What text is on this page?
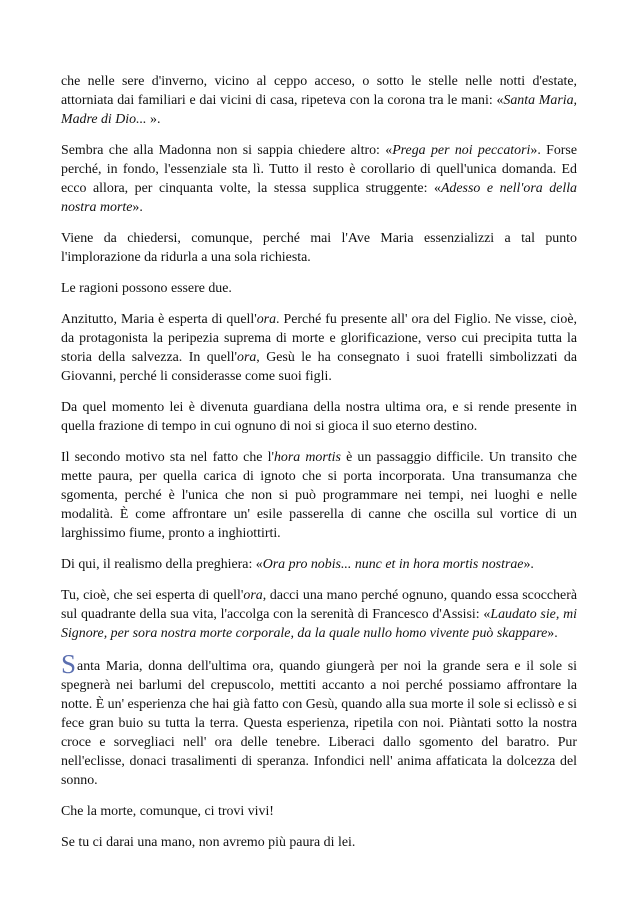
che nelle sere d'inverno, vicino al ceppo acceso, o sotto le stelle nelle notti d'estate, attorniata dai familiari e dai vicini di casa, ripeteva con la corona tra le mani: «Santa Maria, Madre di Dio... ».

Sembra che alla Madonna non si sappia chiedere altro: «Prega per noi peccatori». Forse perché, in fondo, l'essenziale sta lì. Tutto il resto è corollario di quell'unica domanda. Ed ecco allora, per cinquanta volte, la stessa supplica struggente: «Adesso e nell'ora della nostra morte».

Viene da chiedersi, comunque, perché mai l'Ave Maria essenzializzi a tal punto l'implorazione da ridurla a una sola richiesta.

Le ragioni possono essere due.

Anzitutto, Maria è esperta di quell'ora. Perché fu presente all' ora del Figlio. Ne visse, cioè, da protagonista la peripezia suprema di morte e glorificazione, verso cui precipita tutta la storia della salvezza. In quell'ora, Gesù le ha consegnato i suoi fratelli simbolizzati da Giovanni, perché li considerasse come suoi figli.

Da quel momento lei è divenuta guardiana della nostra ultima ora, e si rende presente in quella frazione di tempo in cui ognuno di noi si gioca il suo eterno destino.

Il secondo motivo sta nel fatto che l'hora mortis è un passaggio difficile. Un transito che mette paura, per quella carica di ignoto che si porta incorporata. Una transumanza che sgomenta, perché è l'unica che non si può programmare nei tempi, nei luoghi e nelle modalità. È come affrontare un' esile passerella di canne che oscilla sul vortice di un larghissimo fiume, pronto a inghiottirti.

Di qui, il realismo della preghiera: «Ora pro nobis... nunc et in hora mortis nostrae».

Tu, cioè, che sei esperta di quell'ora, dacci una mano perché ognuno, quando essa scoccherà sul quadrante della sua vita, l'accolga con la serenità di Francesco d'Assisi: «Laudato sie, mi Signore, per sora nostra morte corporale, da la quale nullo homo vivente può skappare».

Santa Maria, donna dell'ultima ora, quando giungerà per noi la grande sera e il sole si spegnerà nei barlumi del crepuscolo, mettiti accanto a noi perché possiamo affrontare la notte. È un' esperienza che hai già fatto con Gesù, quando alla sua morte il sole si eclissò e si fece gran buio su tutta la terra. Questa esperienza, ripetila con noi. Piàntati sotto la nostra croce e sorvegliaci nell' ora delle tenebre. Liberaci dallo sgomento del baratro. Pur nell'eclisse, donaci trasalimenti di speranza. Infondici nell' anima affaticata la dolcezza del sonno.

Che la morte, comunque, ci trovi vivi!

Se tu ci darai una mano, non avremo più paura di lei.
